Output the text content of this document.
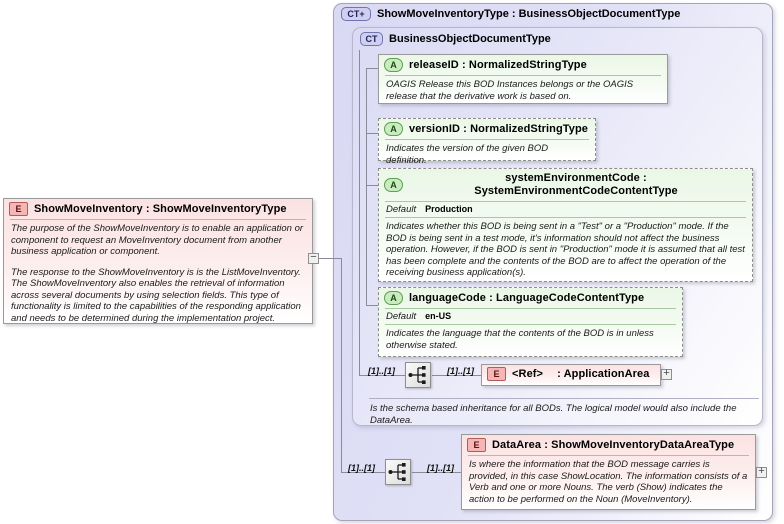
CT+	ShowMoveInventoryType : BusinessObjectDocumentType
CT	BusinessObjectDocumentType
Is the schema based inheritance for all BODs. The logical model would also include the DataArea.
E	ShowMoveInventory : ShowMoveInventoryType

The purpose of the ShowMoveInventory is to enable an application or component to request an MoveInventory document from another business application or component.

The response to the ShowMoveInventory is is the ListMoveInventory. The ShowMoveInventory also enables the retrieval of information across several documents by using selection fields. This type of functionality is limited to the capabilities of the responding application and needs to be determined during the implementation project.

−
A	releaseID : NormalizedStringType
OAGIS Release this BOD Instances belongs or the OAGIS release that the derivative work is based on.
A	versionID : NormalizedStringType
Indicates the version of the given BOD definition.
A
systemEnvironmentCode : SystemEnvironmentCodeContentType
Default Production
Indicates whether this BOD is being sent in a "Test" or a "Production" mode. If the BOD is being sent in a test mode, it's information should not affect the business operation. However, if the BOD is sent in "Production" mode it is assumed that all test has been complete and the contents of the BOD are to affect the operation of the receiving business application(s).
A	languageCode : LanguageCodeContentType
Default en-US
Indicates the language that the contents of the BOD is in unless otherwise stated.
[1]..[1]	[1]..[1]	E	<Ref> : ApplicationArea +
[1]..[1]	[1]..[1]
E	DataArea : ShowMoveInventoryDataAreaType
Is where the information that the BOD message carries is provided, in this case ShowLocation. The information consists of a Verb and one or more Nouns. The verb (Show) indicates the action to be performed on the Noun (MoveInventory).
+
